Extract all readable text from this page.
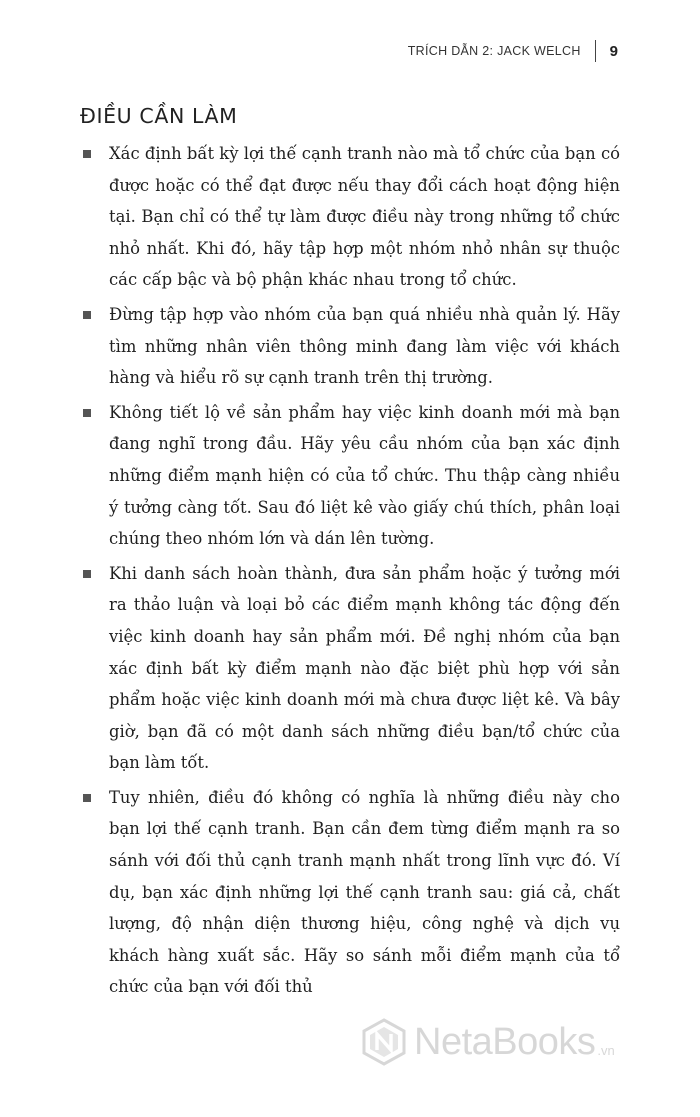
TRÍCH DẪN 2: JACK WELCH 9
ĐIỀU CẦN LÀM
Xác định bất kỳ lợi thế cạnh tranh nào mà tổ chức của bạn có được hoặc có thể đạt được nếu thay đổi cách hoạt động hiện tại. Bạn chỉ có thể tự làm được điều này trong những tổ chức nhỏ nhất. Khi đó, hãy tập hợp một nhóm nhỏ nhân sự thuộc các cấp bậc và bộ phận khác nhau trong tổ chức.
Đừng tập hợp vào nhóm của bạn quá nhiều nhà quản lý. Hãy tìm những nhân viên thông minh đang làm việc với khách hàng và hiểu rõ sự cạnh tranh trên thị trường.
Không tiết lộ về sản phẩm hay việc kinh doanh mới mà bạn đang nghĩ trong đầu. Hãy yêu cầu nhóm của bạn xác định những điểm mạnh hiện có của tổ chức. Thu thập càng nhiều ý tưởng càng tốt. Sau đó liệt kê vào giấy chú thích, phân loại chúng theo nhóm lớn và dán lên tường.
Khi danh sách hoàn thành, đưa sản phẩm hoặc ý tưởng mới ra thảo luận và loại bỏ các điểm mạnh không tác động đến việc kinh doanh hay sản phẩm mới. Đề nghị nhóm của bạn xác định bất kỳ điểm mạnh nào đặc biệt phù hợp với sản phẩm hoặc việc kinh doanh mới mà chưa được liệt kê. Và bây giờ, bạn đã có một danh sách những điều bạn/tổ chức của bạn làm tốt.
Tuy nhiên, điều đó không có nghĩa là những điều này cho bạn lợi thế cạnh tranh. Bạn cần đem từng điểm mạnh ra so sánh với đối thủ cạnh tranh mạnh nhất trong lĩnh vực đó. Ví dụ, bạn xác định những lợi thế cạnh tranh sau: giá cả, chất lượng, độ nhận diện thương hiệu, công nghệ và dịch vụ khách hàng xuất sắc. Hãy so sánh mỗi điểm mạnh của tổ chức của bạn với đối thủ
NetaBooks .vn
